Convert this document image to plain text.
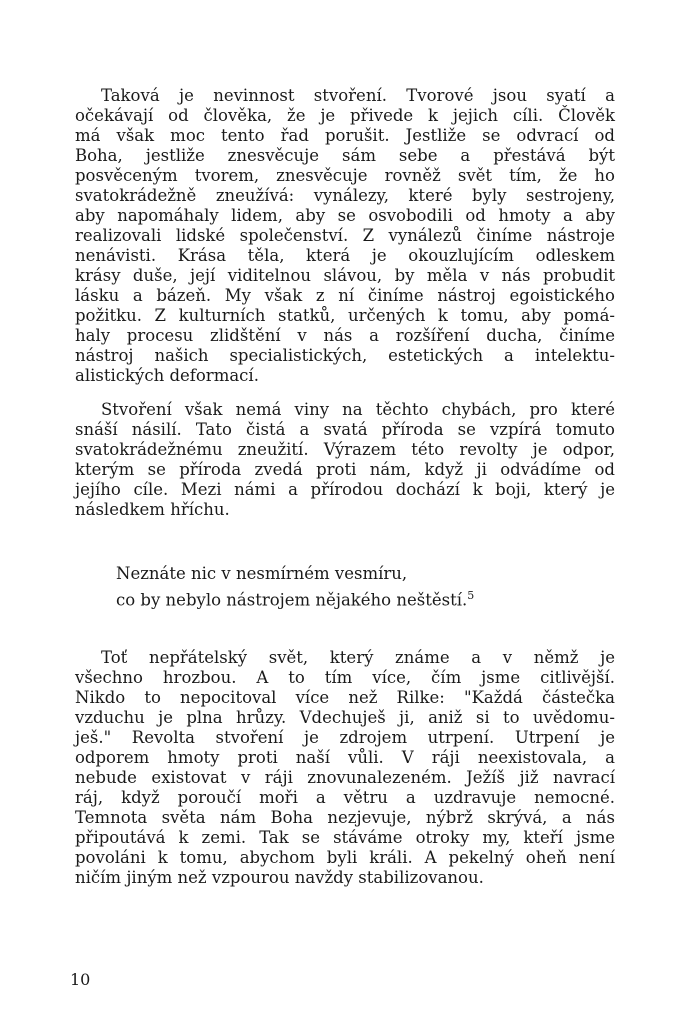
Taková je nevinnost stvoření. Tvorové jsou syatí a
očekávají od člověka, že je přivede k jejich cíli. Člověk
má však moc tento řad porušit. Jestliže se odvrací od
Boha, jestliže znesvěcuje sám sebe a přestává být
posvěceným tvorem, znesvěcuje rovněž svět tím, že ho
svatokrádežně zneužívá: vynálezy, které byly sestrojeny,
aby napomáhaly lidem, aby se osvobodili od hmoty a aby
realizovali lidské společenství. Z vynálezů činíme nástroje
nenávisti. Krása těla, která je okouzlujícím odleskem
krásy duše, její viditelnou slávou, by měla v nás probudit
lásku a bázeň. My však z ní činíme nástroj egoistického
požitku. Z kulturních statků, určených k tomu, aby pomá-
haly procesu zlidštění v nás a rozšíření ducha, činíme
nástroj našich specialistických, estetických a intelektu-
alistických deformací.
Stvoření však nemá viny na těchto chybách, pro které
snáší násilí. Tato čistá a svatá příroda se vzpírá tomuto
svatokrádežnému zneužití. Výrazem této revolty je odpor,
kterým se příroda zvedá proti nám, když ji odvádíme od
jejího cíle. Mezi námi a přírodou dochází k boji, který je
následkem hříchu.
Neznáte nic v nesmírném vesmíru,
co by nebylo nástrojem nějakého neštěstí.$^5$
Toť nepřátelský svět, který známe a v němž je
všechno hrozbou. A to tím více, čím jsme citlivější.
Nikdo to nepocitoval více než Rilke: "Každá částečka
vzduchu je plna hrůzy. Vdechuješ ji, aniž si to uvědomu-
ješ." Revolta stvoření je zdrojem utrpení. Utrpení je
odporem hmoty proti naší vůli. V ráji neexistovala, a
nebude existovat v ráji znovunalezeném. Ježíš již navrací
ráj, když poroučí moři a větru a uzdravuje nemocné.
Temnota světa nám Boha nezjevuje, nýbrž skrývá, a nás
připoutává k zemi. Tak se stáváme otroky my, kteří jsme
povoláni k tomu, abychom byli králi. A pekelný oheň není
ničím jiným než vzpourou navždy stabilizovanou.
10
